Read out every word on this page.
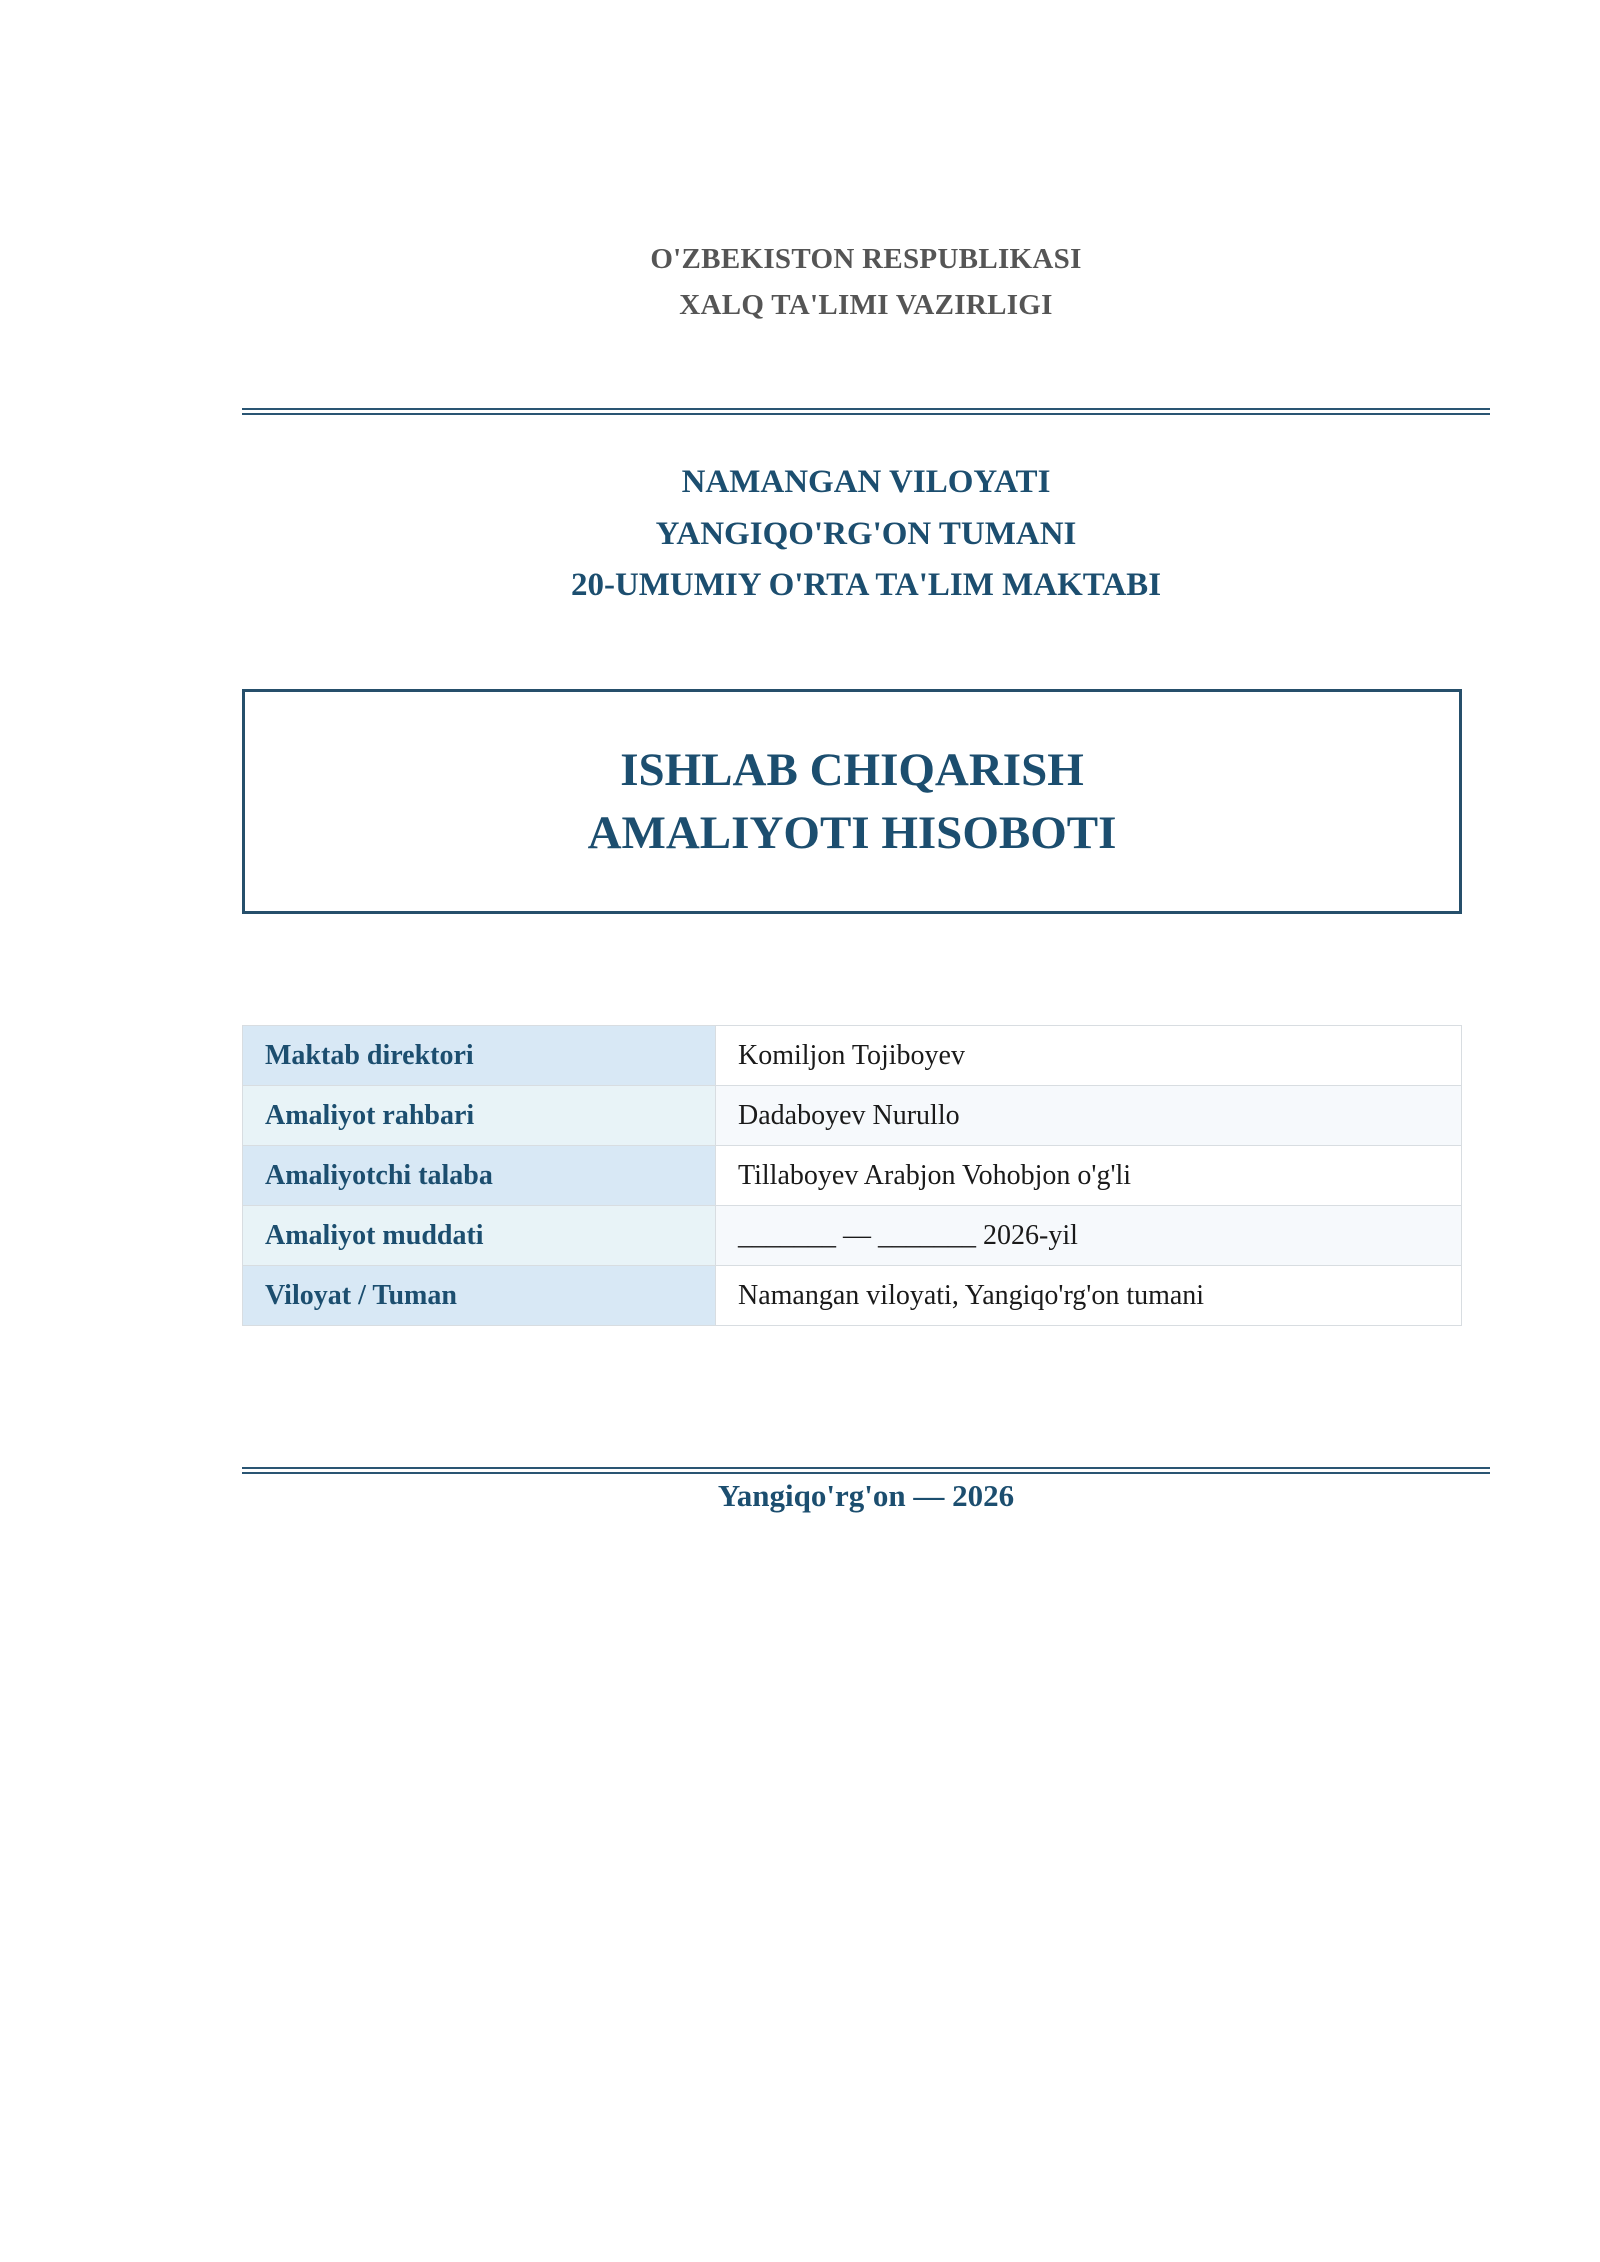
O'ZBEKISTON RESPUBLIKASI
XALQ TA'LIMI VAZIRLIGI
NAMANGAN VILOYATI
YANGIQO'RG'ON TUMANI
20-UMUMIY O'RTA TA'LIM MAKTABI
ISHLAB CHIQARISH
AMALIYOTI HISOBOTI
Maktab direktori	Komiljon Tojiboyev
Amaliyot rahbari	Dadaboyev Nurullo
Amaliyotchi talaba	Tillaboyev Arabjon Vohobjon o'g'li
Amaliyot muddati	_______ — _______ 2026-yil
Viloyat / Tuman	Namangan viloyati, Yangiqo'rg'on tumani
Yangiqo'rg'on — 2026
